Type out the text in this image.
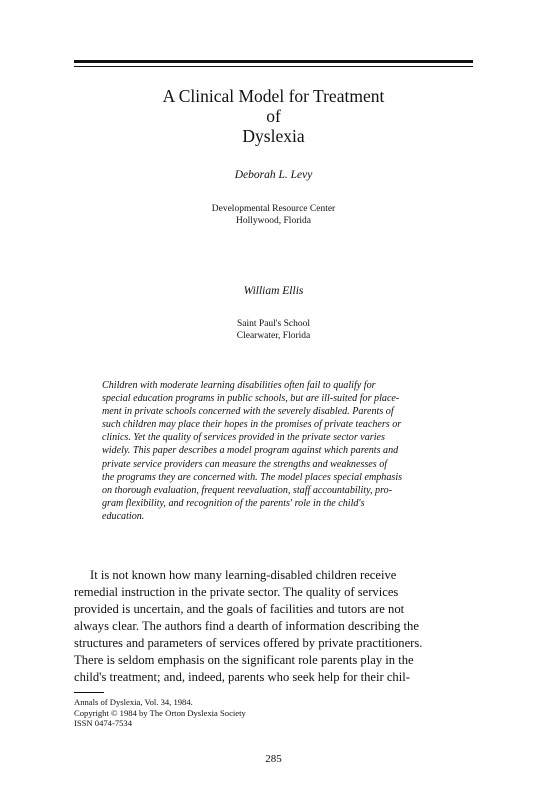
A Clinical Model for Treatment
of
Dyslexia
Deborah L. Levy
Developmental Resource Center
Hollywood, Florida
William Ellis
Saint Paul's School
Clearwater, Florida
Children with moderate learning disabilities often fail to qualify for
special education programs in public schools, but are ill-suited for place-
ment in private schools concerned with the severely disabled. Parents of
such children may place their hopes in the promises of private teachers or
clinics. Yet the quality of services provided in the private sector varies
widely. This paper describes a model program against which parents and
private service providers can measure the strengths and weaknesses of
the programs they are concerned with. The model places special emphasis
on thorough evaluation, frequent reevaluation, staff accountability, pro-
gram flexibility, and recognition of the parents' role in the child's
education.
It is not known how many learning-disabled children receive
remedial instruction in the private sector. The quality of services
provided is uncertain, and the goals of facilities and tutors are not
always clear. The authors find a dearth of information describing the
structures and parameters of services offered by private practitioners.
There is seldom emphasis on the significant role parents play in the
child's treatment; and, indeed, parents who seek help for their chil-
Annals of Dyslexia, Vol. 34, 1984.
Copyright © 1984 by The Orton Dyslexia Society
ISSN 0474-7534
285
